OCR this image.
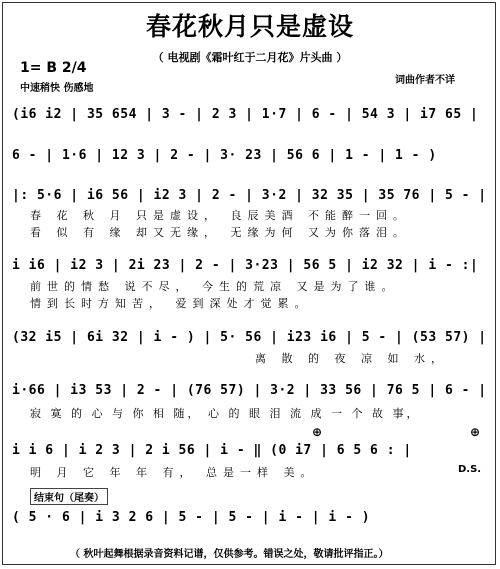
春花秋月只是虚设
（ 电视剧《霜叶红于二月花》片头曲 ）
1= B 2/4
中速稍快 伤感地
词曲作者不详
(i6 i2 | 35 654 | 3 - | 2 3 | 1·7 | 6 - | 54 3 | i7 65 |
6 - | 1·6 | 12 3 | 2 - | 3· 23 | 56 6 | 1 - | 1 - )
|: 5·6 | i6 56 | i2 3 | 2 - | 3·2 | 32 35 | 35 76 | 5 - |
春 花 秋 月 只是虚设， 良辰美酒 不能醉一回。
看 似 有 缘 却又无缘， 无缘为何 又为你落泪。
i i6 | i2 3 | 2i 23 | 2 - | 3·23 | 56 5 | i2 32 | i - :|
前世的情愁 说不尽， 今生的荒凉 又是为了谁。
情到长时方知苦， 爱到深处才觉累。
(32 i5 | 6i 32 | i - ) | 5· 56 | i23 i6 | 5 - | (53 57) |
离 散 的 夜 凉 如 水，
i·66 | i3 53 | 2 - | (76 57) | 3·2 | 33 56 | 76 5 | 6 - |
寂 寞 的 心 与 你 相 随， 心 的 眼 泪 流 成 一 个 故 事，
⊕	⊕
i i 6 | i 2 3 | 2 i 56 | i - ‖ (0 i7 | 6 5 6 : |
明 月 它 年 年 有， 总是一样 美。	D.S.
结束句（尾奏）
( 5 · 6 | i 3 2 6 | 5 - | 5 - | i - | i - )
（ 秋叶起舞根据录音资料记谱，仅供参考。错误之处，敬请批评指正。）
